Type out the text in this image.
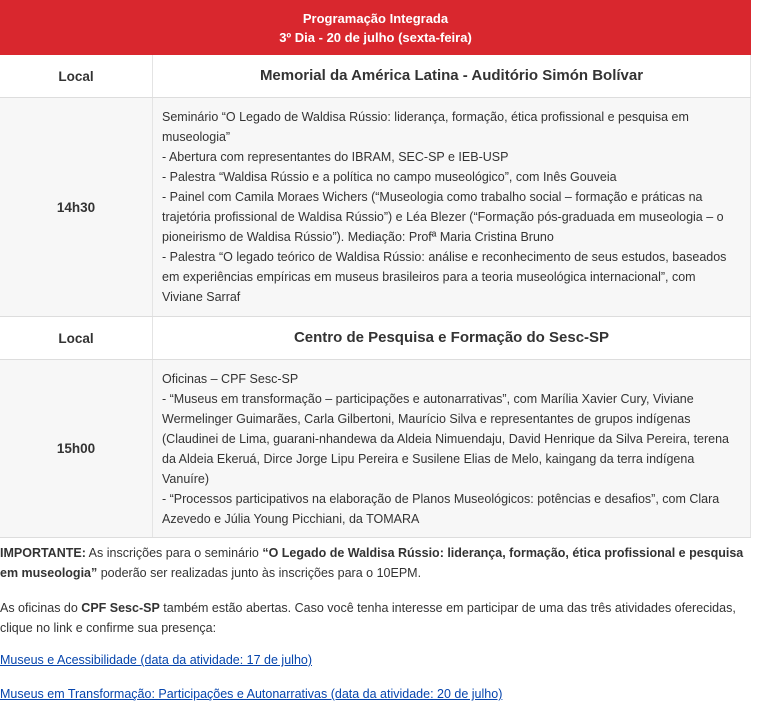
Programação Integrada
3º Dia - 20 de julho (sexta-feira)
Local	Memorial da América Latina - Auditório Simón Bolívar
14h30	Seminário “O Legado de Waldisa Rússio: liderança, formação, ética profissional e pesquisa em museologia”
- Abertura com representantes do IBRAM, SEC-SP e IEB-USP
- Palestra “Waldisa Rússio e a política no campo museológico”, com Inês Gouveia
- Painel com Camila Moraes Wichers (“Museologia como trabalho social – formação e práticas na trajetória profissional de Waldisa Rússio”) e Léa Blezer (“Formação pós-graduada em museologia – o pioneirismo de Waldisa Rússio”). Mediação: Profª Maria Cristina Bruno
- Palestra “O legado teórico de Waldisa Rússio: análise e reconhecimento de seus estudos, baseados em experiências empíricas em museus brasileiros para a teoria museológica internacional”, com Viviane Sarraf

Local	Centro de Pesquisa e Formação do Sesc-SP
15h00	Oficinas – CPF Sesc-SP
- “Museus em transformação – participações e autonarrativas”, com Marília Xavier Cury, Viviane Wermelinger Guimarães, Carla Gilbertoni, Maurício Silva e representantes de grupos indígenas (Claudinei de Lima, guarani-nhandewa da Aldeia Nimuendaju, David Henrique da Silva Pereira, terena da Aldeia Ekeruá, Dirce Jorge Lipu Pereira e Susilene Elias de Melo, kaingang da terra indígena Vanuíre)
- “Processos participativos na elaboração de Planos Museológicos: potências e desafios”, com Clara Azevedo e Júlia Young Picchiani, da TOMARA
IMPORTANTE: As inscrições para o seminário “O Legado de Waldisa Rússio: liderança, formação, ética profissional e pesquisa em museologia” poderão ser realizadas junto às inscrições para o 10EPM.
As oficinas do CPF Sesc-SP também estão abertas. Caso você tenha interesse em participar de uma das três atividades oferecidas, clique no link e confirme sua presença:
Museus e Acessibilidade (data da atividade: 17 de julho)
Museus em Transformação: Participações e Autonarrativas (data da atividade: 20 de julho)
